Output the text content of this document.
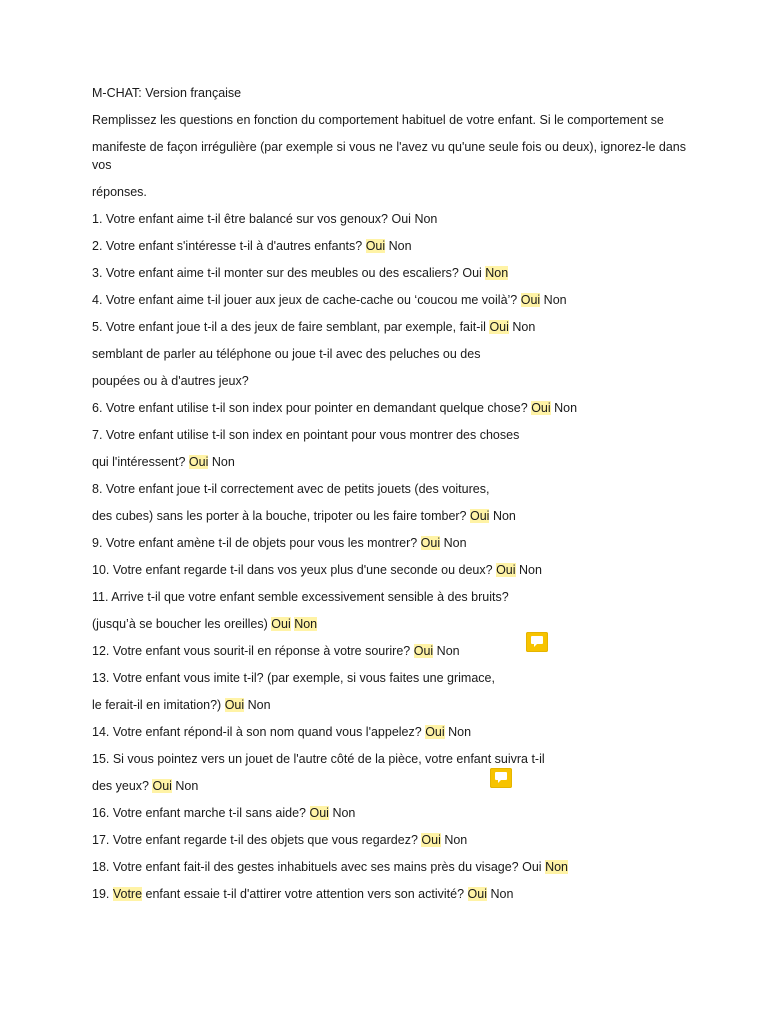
M-CHAT: Version française

Remplissez les questions en fonction du comportement habituel de votre enfant. Si le comportement se

manifeste de façon irrégulière (par exemple si vous ne l'avez vu qu'une seule fois ou deux), ignorez-le dans vos

réponses.

1. Votre enfant aime t-il être balancé sur vos genoux? Oui Non

2. Votre enfant s'intéresse t-il à d'autres enfants? Oui Non

3. Votre enfant aime t-il monter sur des meubles ou des escaliers? Oui Non

4. Votre enfant aime t-il jouer aux jeux de cache-cache ou ‘coucou me voilà’? Oui Non

5. Votre enfant joue t-il a des jeux de faire semblant, par exemple, fait-il Oui Non

semblant de parler au téléphone ou joue t-il avec des peluches ou des

poupées ou à d'autres jeux?

6. Votre enfant utilise t-il son index pour pointer en demandant quelque chose? Oui Non

7. Votre enfant utilise t-il son index en pointant pour vous montrer des choses

qui l'intéressent? Oui Non

8. Votre enfant joue t-il correctement avec de petits jouets (des voitures,

des cubes) sans les porter à la bouche, tripoter ou les faire tomber? Oui Non

9. Votre enfant amène t-il de objets pour vous les montrer? Oui Non

10. Votre enfant regarde t-il dans vos yeux plus d'une seconde ou deux? Oui Non

11. Arrive t-il que votre enfant semble excessivement sensible à des bruits?

(jusqu’à se boucher les oreilles) Oui Non

12. Votre enfant vous sourit-il en réponse à votre sourire? Oui Non

13. Votre enfant vous imite t-il? (par exemple, si vous faites une grimace,

le ferait-il en imitation?) Oui Non

14. Votre enfant répond-il à son nom quand vous l'appelez? Oui Non

15. Si vous pointez vers un jouet de l'autre côté de la pièce, votre enfant suivra t-il

des yeux? Oui Non

16. Votre enfant marche t-il sans aide? Oui Non

17. Votre enfant regarde t-il des objets que vous regardez? Oui Non

18. Votre enfant fait-il des gestes inhabituels avec ses mains près du visage? Oui Non

19. Votre enfant essaie t-il d'attirer votre attention vers son activité? Oui Non
